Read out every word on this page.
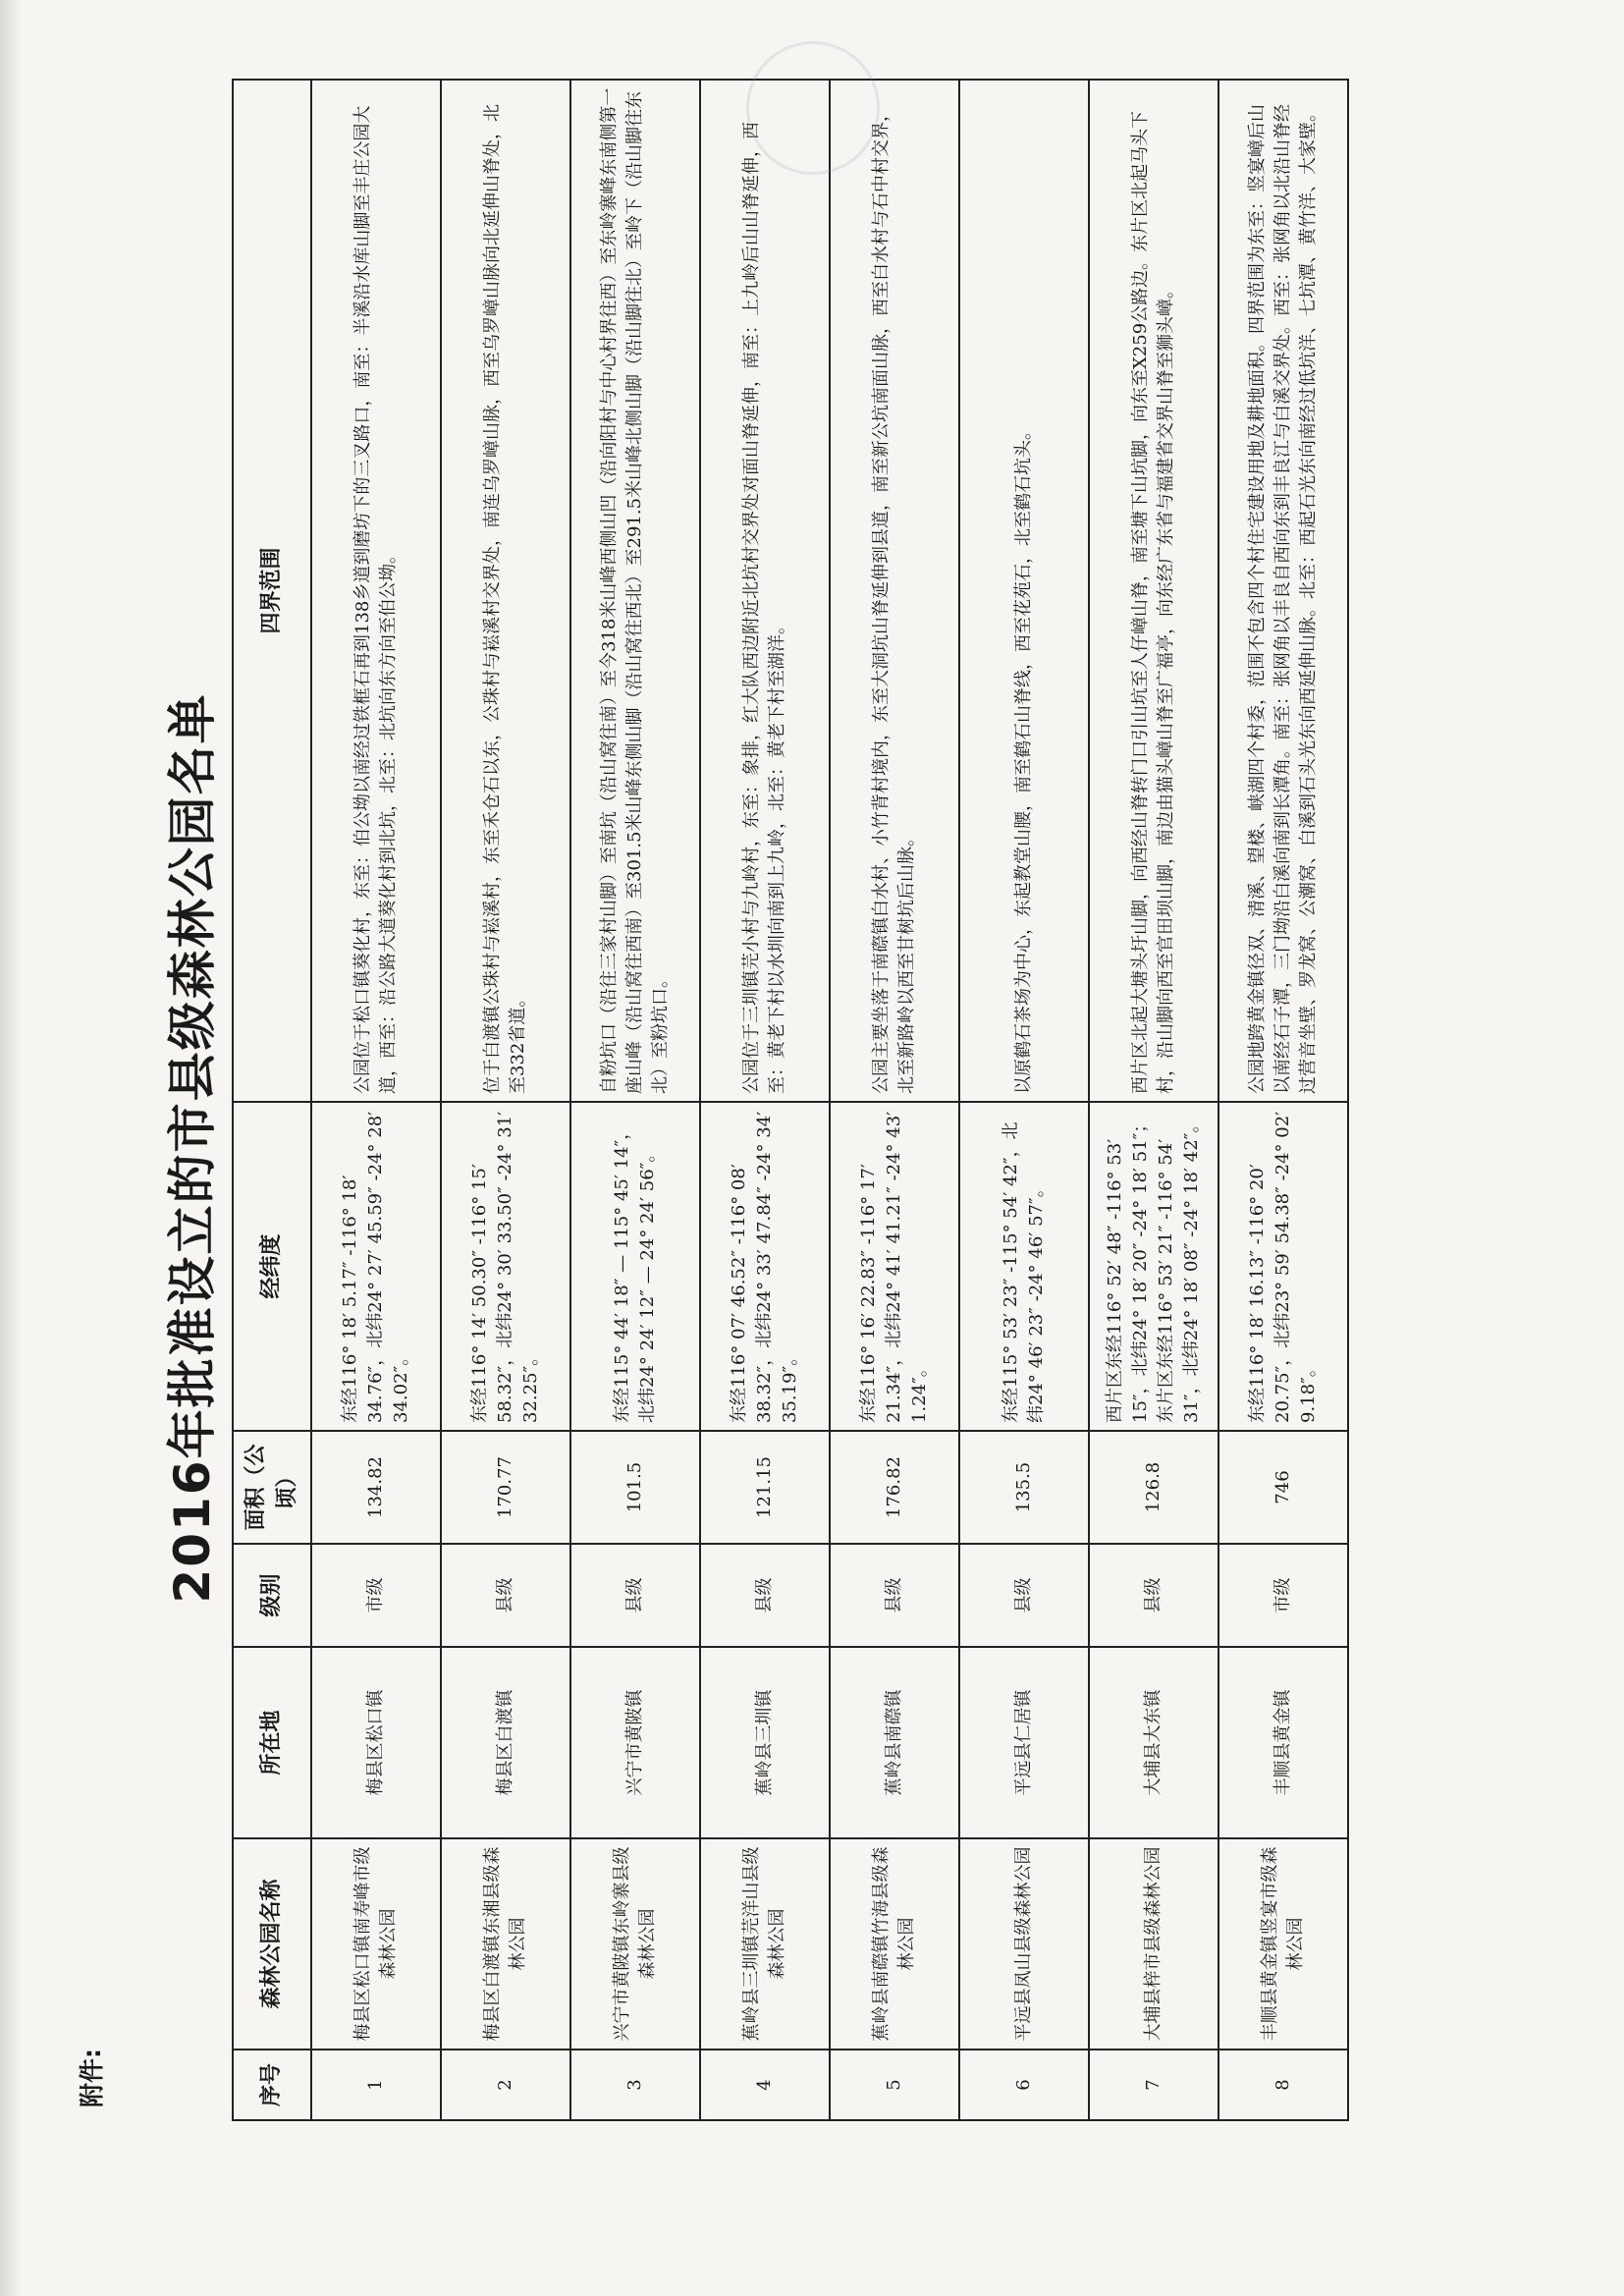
附件:
2016年批准设立的市县级森林公园名单
序号	森林公园名称	所在地	级别	面积（公顷）	经纬度	四界范围
1	梅县区松口镇南寿峰市级森林公园	梅县区松口镇	市级	134.82	东经116° 18′ 5.17″ -116° 18′ 34.76″，北纬24° 27′ 45.59″ -24° 28′ 34.02″。	公园位于松口镇葵化村，东至：伯公坳以南经过铁框石再到138乡道到磨坊下的三叉路口，南至：半溪沿水库山脚至丰庄公园大道，西至：沿公路大道葵化村到北坑，北至：北坑向东方向至伯公坳。
2	梅县区白渡镇东湘县级森林公园	梅县区白渡镇	县级	170.77	东经116° 14′ 50.30″ -116° 15′ 58.32″，北纬24° 30′ 33.50″ -24° 31′ 32.25″。	位于白渡镇公珠村与崧溪村，东至禾仓石以东，公珠村与崧溪村交界处，南连乌罗嶂山脉，西至乌罗嶂山脉向北延伸山脊处，北至332省道。
3	兴宁市黄陂镇东岭寨县级森林公园	兴宁市黄陂镇	县级	101.5	东经115° 44′ 18″ — 115° 45′ 14″，北纬24° 24′ 12″ — 24° 24′ 56″。	自粉坑口（沿往三家村山脚）至南坑（沿山窝往南）至今318米山峰西侧山凹（沿向阳村与中心村界往西）至东岭寨峰东南侧第一座山峰（沿山窝往西南）至301.5米山峰东侧山脚（沿山窝往西北）至291.5米山峰北侧山脚（沿山脚往北）至岭下（沿山脚往东北）至粉坑口。
4	蕉岭县三圳镇芫洋山县级森林公园	蕉岭县三圳镇	县级	121.15	东经116° 07′ 46.52″ -116° 08′ 38.32″，北纬24° 33′ 47.84″ -24° 34′ 35.19″。	公园位于三圳镇芫小村与九岭村，东至：象排，红大队西边附近北坑村交界处对面山脊延伸，南至：上九岭后山山脊延伸，西至：黄老下村以水圳向南到上九岭，北至：黄老下村至湖洋。
5	蕉岭县南磜镇竹海县级森林公园	蕉岭县南磜镇	县级	176.82	东经116° 16′ 22.83″ -116° 17′ 21.34″，北纬24° 41′ 41.21″ -24° 43′ 1.24″。	公园主要坐落于南磜镇白水村、小竹背村境内，东至大洞坑山脊延伸到县道，南至新公坑南面山脉，西至白水村与石中村交界，北至新路岭以西至甘树坑后山脉。
6	平远县凤山县级森林公园	平远县仁居镇	县级	135.5	东经115° 53′ 23″ -115° 54′ 42″，北纬24° 46′ 23″ -24° 46′ 57″。	以原鹤石茶场为中心，东起教堂山腰，南至鹤石山脊线，西至花苑石，北至鹤石坑头。
7	大埔县梓市县级森林公园	大埔县大东镇	县级	126.8	西片区东经116° 52′ 48″ -116° 53′ 15″，北纬24° 18′ 20″ -24° 18′ 51″；东片区东经116° 53′ 21″ -116° 54′ 31″，北纬24° 18′ 08″ -24° 18′ 42″。	西片区北起大塘头圩山脚，向西经山脊转门口引山坑至人仔嶂山脊，南至塘下山坑脚，向东至X259公路边。东片区北起马头下村，沿山脚向西至官田坝山脚，南边由猫头嶂山脊至广福亭，向东经广东省与福建省交界山脊至狮头嶂。
8	丰顺县黄金镇竖宴市级森林公园	丰顺县黄金镇	市级	746	东经116° 18′ 16.13″ -116° 20′ 20.75″，北纬23° 59′ 54.38″ -24° 02′ 9.18″。	公园地跨黄金镇径双、清溪、望楼、峡湖四个村委，范围不包含四个村住宅建设用地及耕地面积。四界范围为东至：竖宴嶂后山以南经石子潭，三门坳沿白溪向南到长潭角。南至：张网角以丰良自西向东到丰良江与白溪交界处。西至：张网角以北沿山脊经过营音坐壁、罗龙窝、公潮窝、白溪到石头光东向西延伸山脉。北至：西起石光东向南经过低坑洋、七坑潭、黄竹洋、大家壁。
